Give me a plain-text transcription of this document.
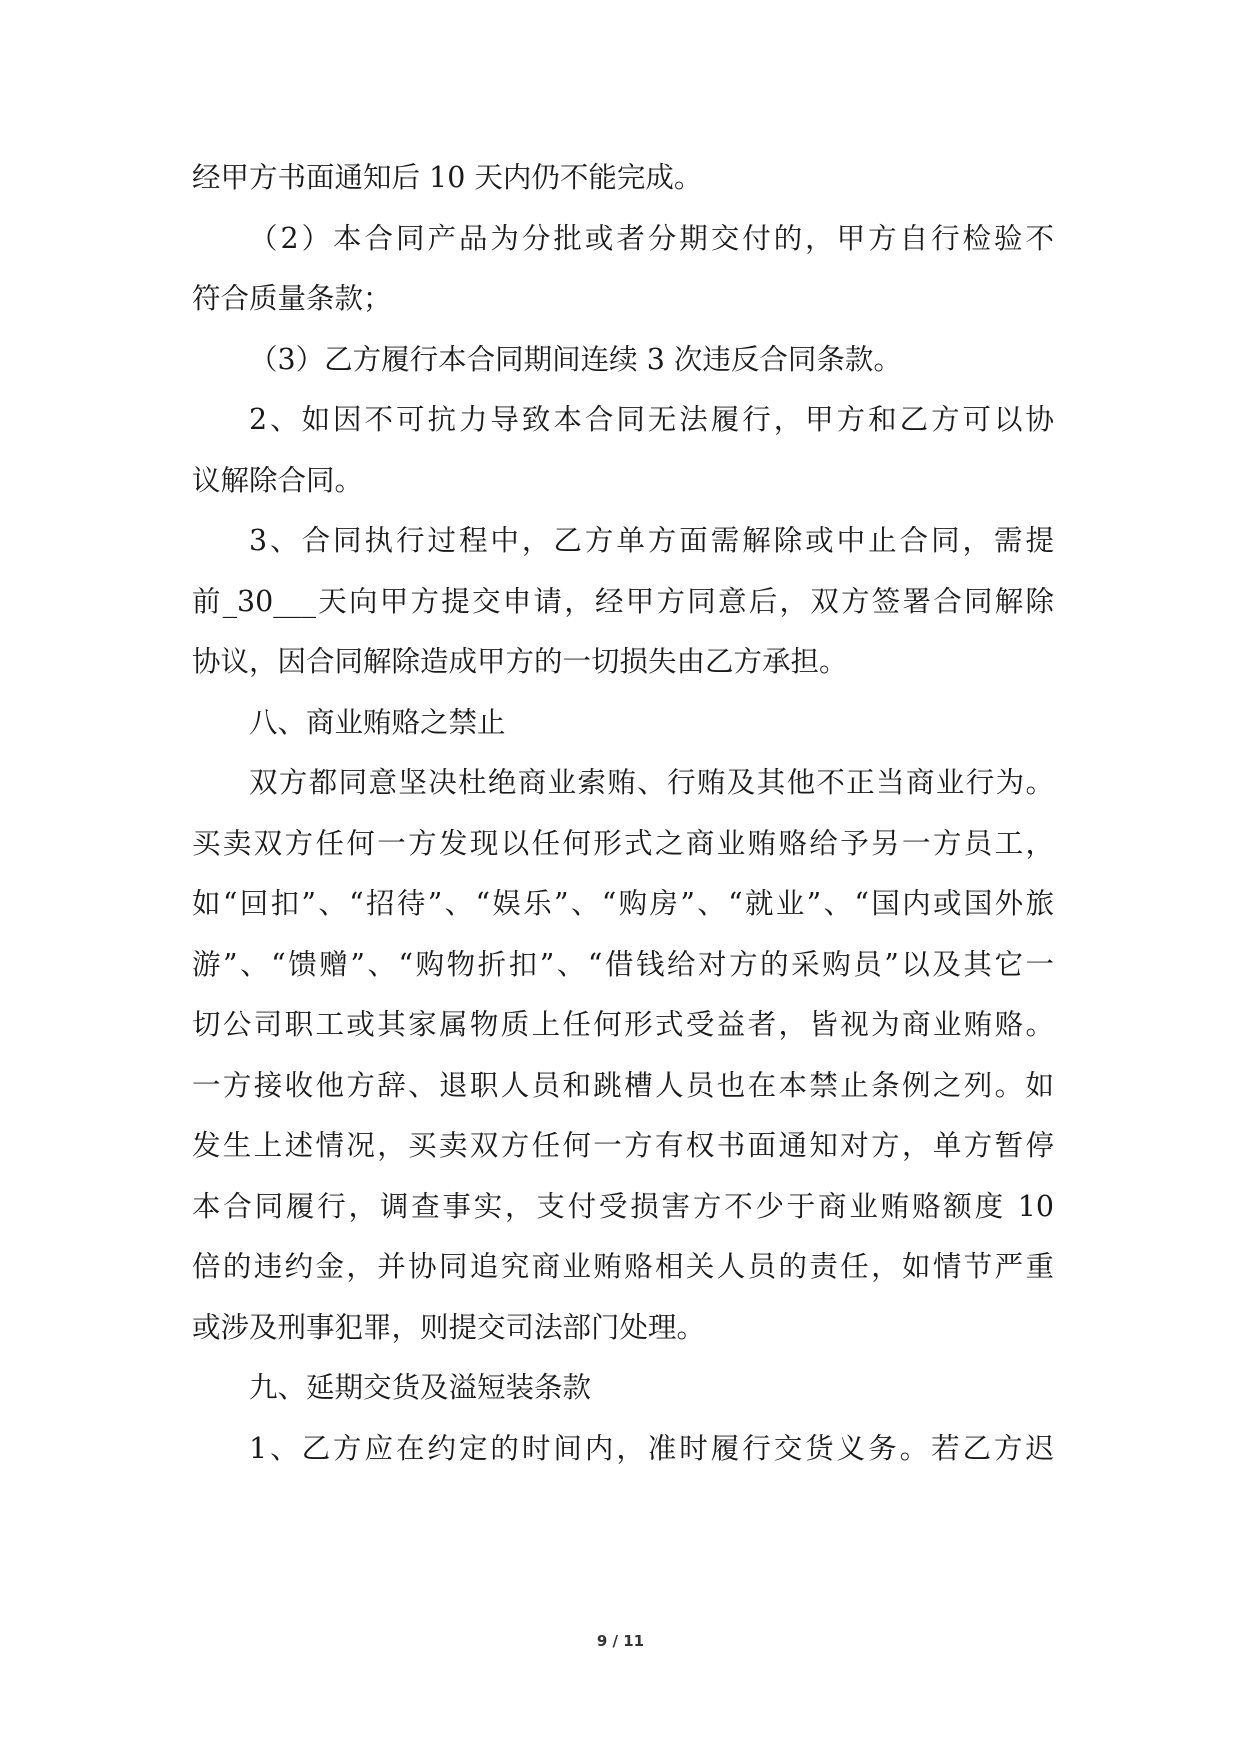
经甲方书面通知后 10 天内仍不能完成。
（2）本合同产品为分批或者分期交付的，甲方自行检验不
符合质量条款；
（3）乙方履行本合同期间连续 3 次违反合同条款。
2、如因不可抗力导致本合同无法履行，甲方和乙方可以协
议解除合同。
3、合同执行过程中，乙方单方面需解除或中止合同，需提
前_30___天向甲方提交申请，经甲方同意后，双方签署合同解除
协议，因合同解除造成甲方的一切损失由乙方承担。
八、商业贿赂之禁止
双方都同意坚决杜绝商业索贿、行贿及其他不正当商业行为。
买卖双方任何一方发现以任何形式之商业贿赂给予另一方员工，
如“回扣”、“招待”、“娱乐”、“购房”、“就业”、“国内或国外旅
游”、“馈赠”、“购物折扣”、“借钱给对方的采购员”以及其它一
切公司职工或其家属物质上任何形式受益者，皆视为商业贿赂。
一方接收他方辞、退职人员和跳槽人员也在本禁止条例之列。如
发生上述情况，买卖双方任何一方有权书面通知对方，单方暂停
本合同履行，调查事实，支付受损害方不少于商业贿赂额度 10
倍的违约金，并协同追究商业贿赂相关人员的责任，如情节严重
或涉及刑事犯罪，则提交司法部门处理。
九、延期交货及溢短装条款
1、乙方应在约定的时间内，准时履行交货义务。若乙方迟
9 / 11
